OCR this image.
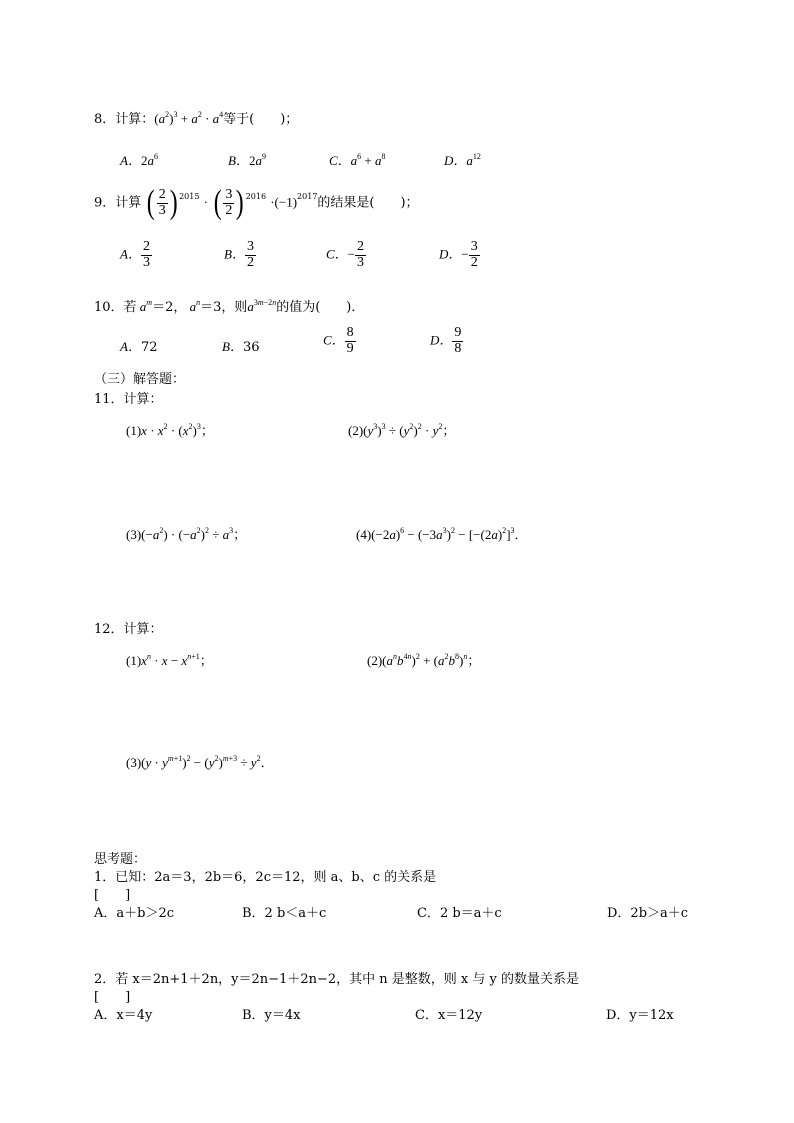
8．计算：$(a^2)^3 + a^2 \cdot a^4$等于(　　)；
A．$2a^6$	B．$2a^9$	C．$a^6 + a^8$	D．$a^{12}$
9．计算 ( $\frac{2}{3}$ ) $^{2015}$ · ( $\frac{3}{2}$ ) $^{2016} \cdot(-1)^{2017}$的结果是(　　)；
A． $\frac{2}{3}$	B． $\frac{3}{2}$	C．− $\frac{2}{3}$	D．− $\frac{3}{2}$
10．若 $a^m=2$， $a^n=3$，则$a^{3m-2n}$的值为(　　)．
A．72	B．36	C． $\frac{8}{9}$	D． $\frac{9}{8}$
（三）解答题：
11．计算：
$(1)x \cdot x^2 \cdot (x^2)^3$；	$(2)(y^3)^3 \div (y^2)^2 \cdot y^2$；
$(3)(-a^2) \cdot (-a^2)^2 \div a^3$；	$(4)(-2a)^6 - (-3a^3)^2 - [-(2a)^2]^3$．
12．计算：
$(1)x^n \cdot x - x^{n+1}$；	$(2)(a^nb^{4n})^2 + (a^2b^8)^n$；
$(3)(y \cdot y^{m+1})^2 - (y^2)^{m+3} \div y^2$．
思考题：
1．已知：2a＝3，2b＝6，2c＝12，则 a、b、c 的关系是
[　　]
A．a＋b＞2c	B．2 b＜a＋c	C．2 b＝a＋c	D．2b＞a＋c
2．若 x＝2n+1＋2n，y＝2n−1＋2n−2，其中 n 是整数，则 x 与 y 的数量关系是
[　　]
A．x＝4y	B．y＝4x	C．x＝12y	D．y＝12x
